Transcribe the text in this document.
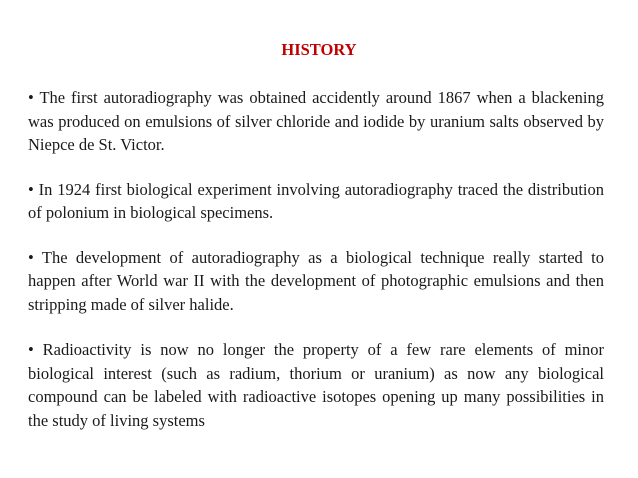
HISTORY

• The first autoradiography was obtained accidently around 1867 when a blackening was produced on emulsions of silver chloride and iodide by uranium salts observed by Niepce de St. Victor.

• In 1924 first biological experiment involving autoradiography traced the distribution of polonium in biological specimens.

• The development of autoradiography as a biological technique really started to happen after World war II with the development of photographic emulsions and then stripping made of silver halide.

• Radioactivity is now no longer the property of a few rare elements of minor biological interest (such as radium, thorium or uranium) as now any biological compound can be labeled with radioactive isotopes opening up many possibilities in the study of living systems
